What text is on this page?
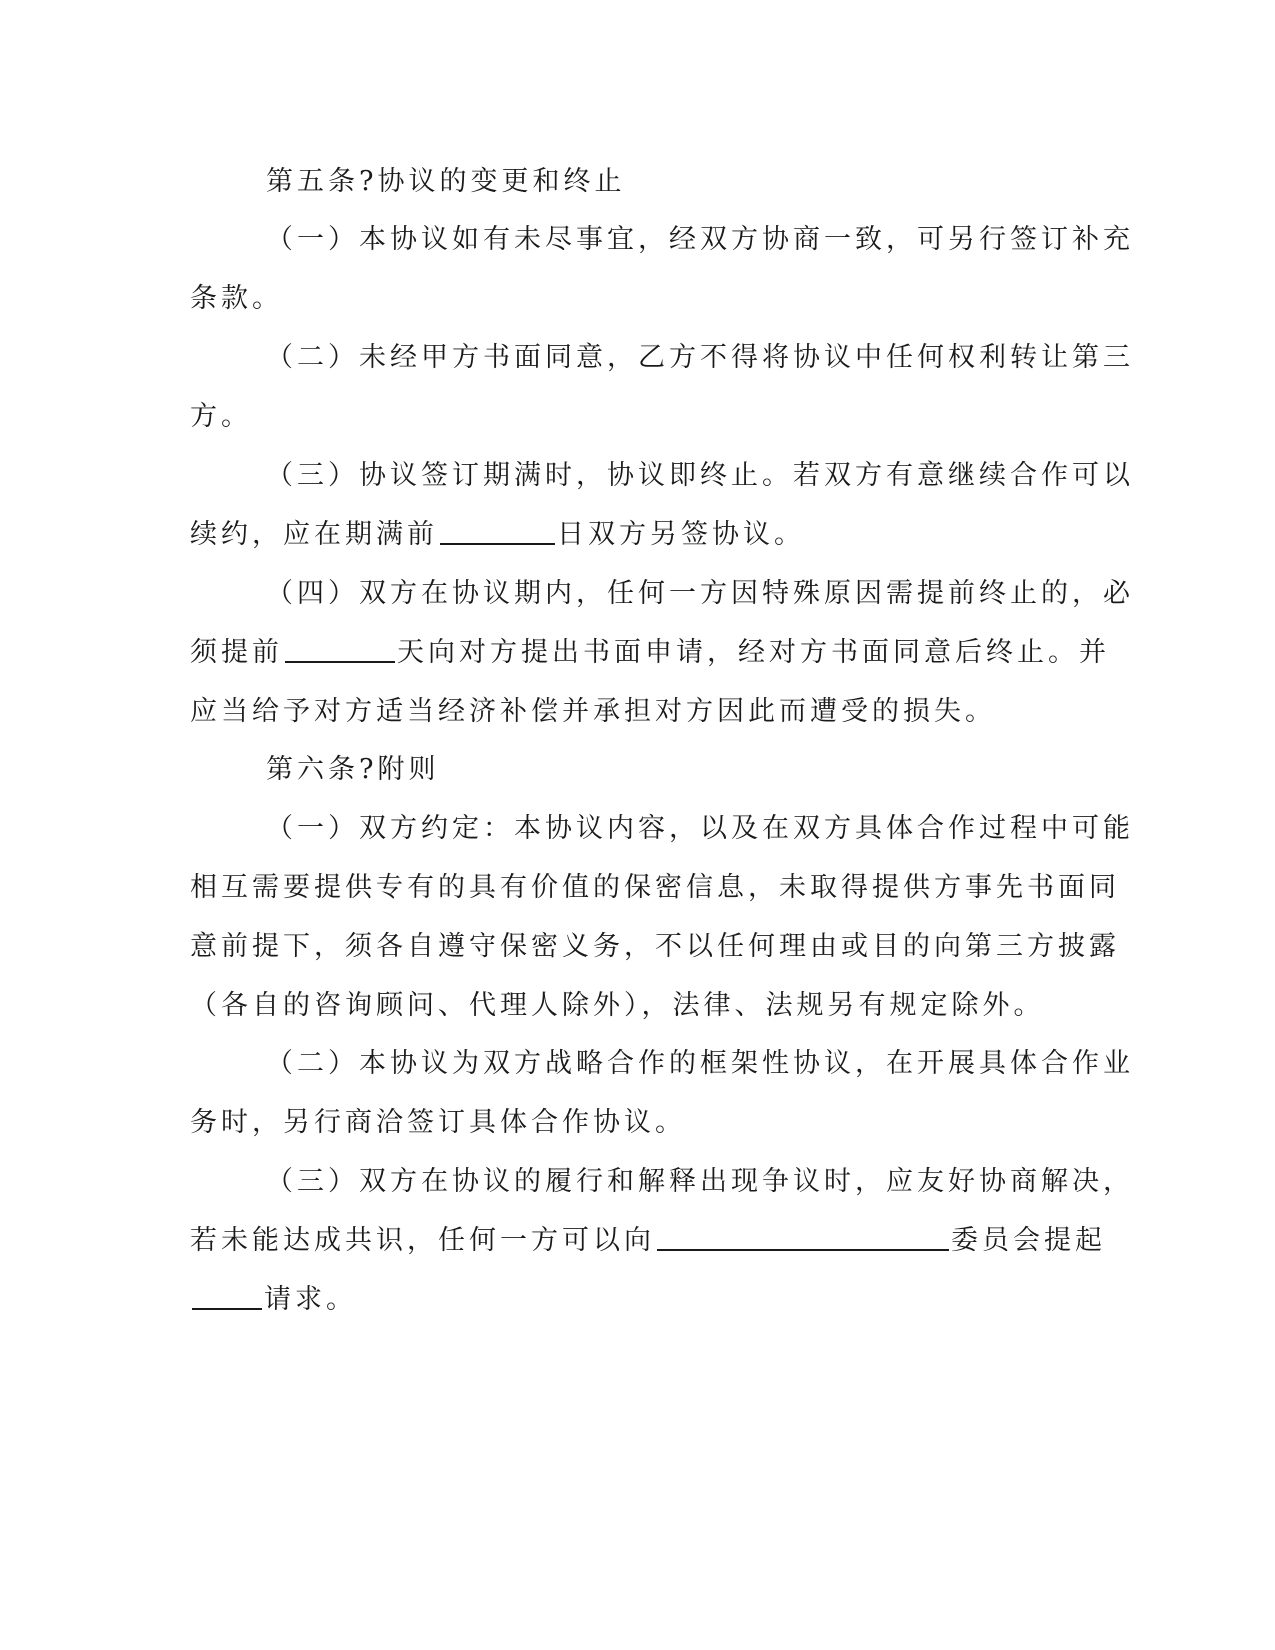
第五条?协议的变更和终止
（一）本协议如有未尽事宜，经双方协商一致，可另行签订补充
条款。
（二）未经甲方书面同意，乙方不得将协议中任何权利转让第三
方。
（三）协议签订期满时，协议即终止。若双方有意继续合作可以
续约，应在期满前	日双方另签协议。
（四）双方在协议期内，任何一方因特殊原因需提前终止的，必
须提前	天向对方提出书面申请，经对方书面同意后终止。并
应当给予对方适当经济补偿并承担对方因此而遭受的损失。
第六条?附则
（一）双方约定：本协议内容，以及在双方具体合作过程中可能
相互需要提供专有的具有价值的保密信息，未取得提供方事先书面同
意前提下，须各自遵守保密义务，不以任何理由或目的向第三方披露
（各自的咨询顾问、代理人除外），法律、法规另有规定除外。
（二）本协议为双方战略合作的框架性协议，在开展具体合作业
务时，另行商洽签订具体合作协议。
（三）双方在协议的履行和解释出现争议时，应友好协商解决，
若未能达成共识，任何一方可以向	委员会提起
请求。
